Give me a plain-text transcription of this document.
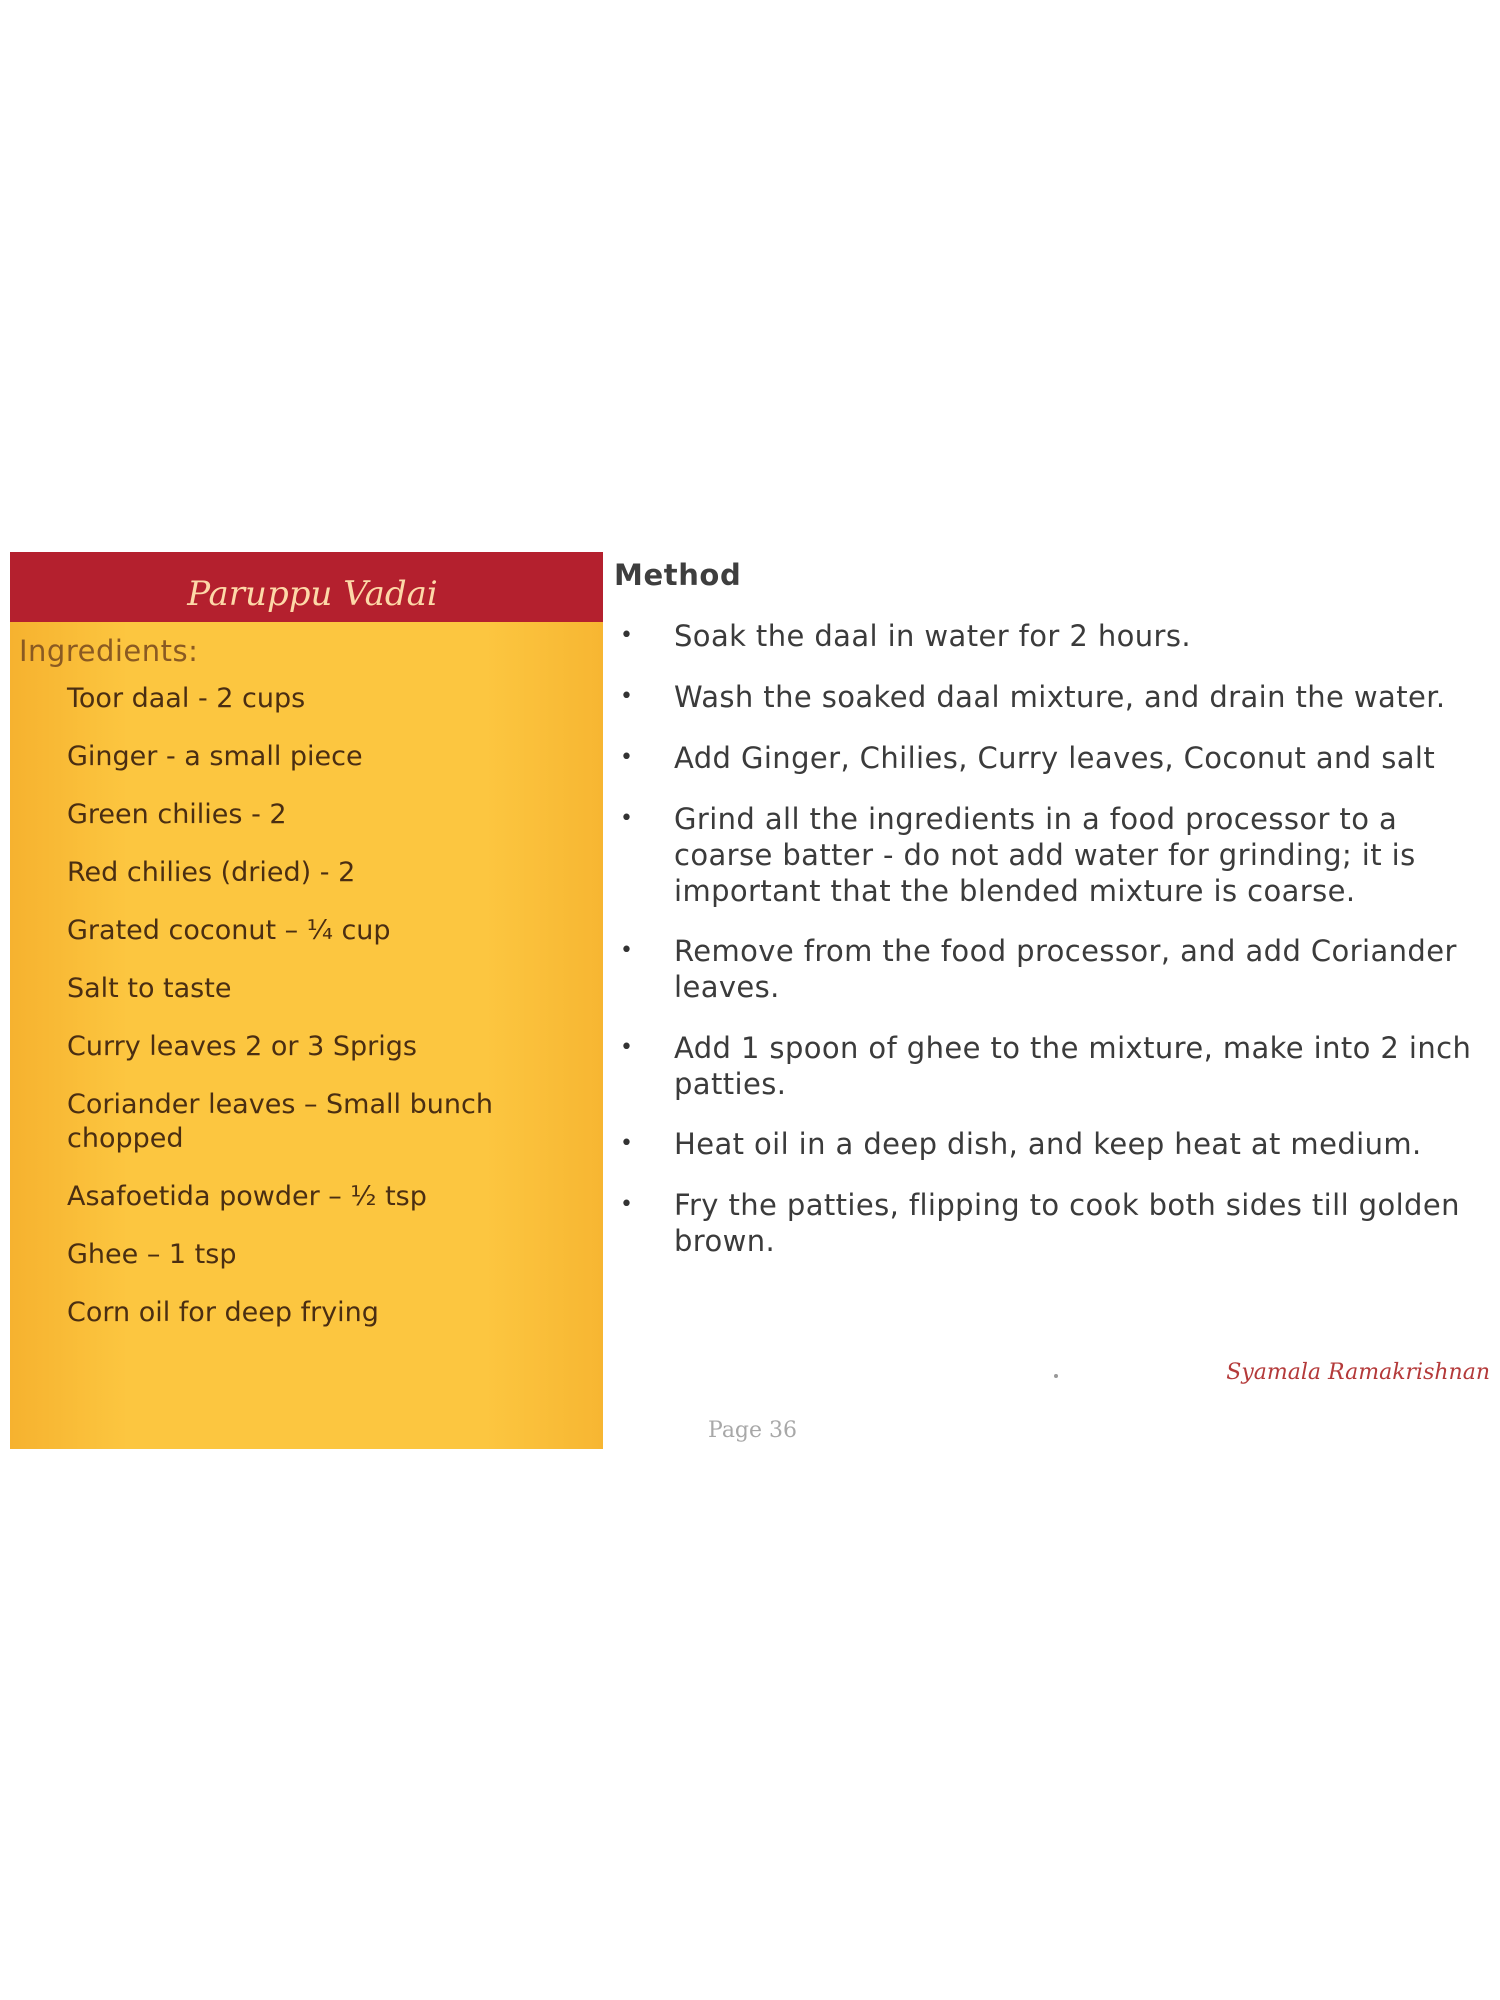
Paruppu Vadai
Ingredients:
Toor daal - 2 cups
Ginger - a small piece
Green chilies - 2
Red chilies (dried) - 2
Grated coconut – ¼ cup
Salt to taste
Curry leaves 2 or 3 Sprigs
Coriander leaves – Small bunch chopped
Asafoetida powder – ½ tsp
Ghee – 1 tsp
Corn oil for deep frying
Method
• Soak the daal in water for 2 hours.
• Wash the soaked daal mixture, and drain the water.
• Add Ginger, Chilies, Curry leaves, Coconut and salt
• Grind all the ingredients in a food processor to a coarse batter - do not add water for grinding; it is important that the blended mixture is coarse.
• Remove from the food processor, and add Coriander leaves.
• Add 1 spoon of ghee to the mixture, make into 2 inch patties.
• Heat oil in a deep dish, and keep heat at medium.
• Fry the patties, flipping to cook both sides till golden brown.
Syamala Ramakrishnan
Page 36
